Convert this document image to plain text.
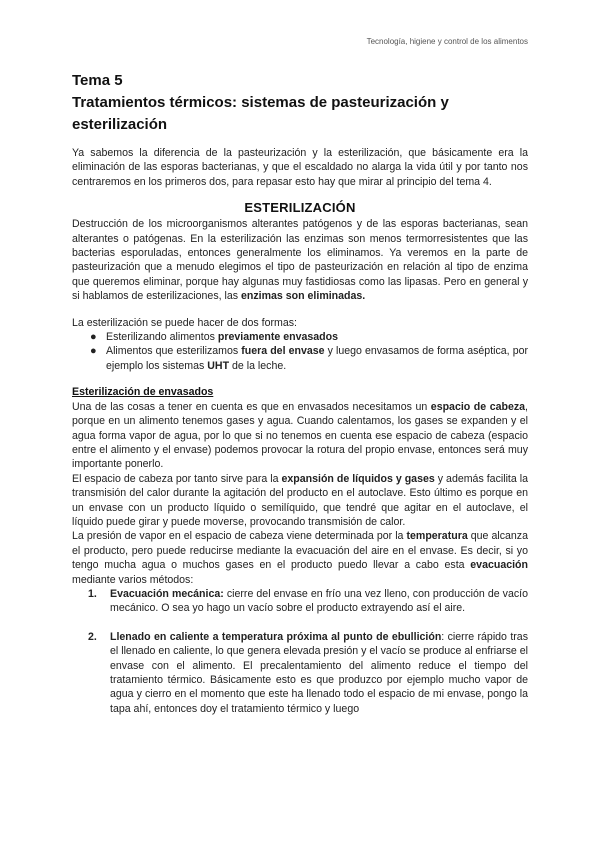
Tecnología, higiene y control de los alimentos
Tema 5
Tratamientos térmicos: sistemas de pasteurización y esterilización

Ya sabemos la diferencia de la pasteurización y la esterilización, que básicamente era la eliminación de las esporas bacterianas, y que el escaldado no alarga la vida útil y por tanto nos centraremos en los primeros dos, para repasar esto hay que mirar al principio del tema 4.

ESTERILIZACIÓN

Destrucción de los microorganismos alterantes patógenos y de las esporas bacterianas, sean alterantes o patógenas. En la esterilización las enzimas son menos termorresistentes que las bacterias esporuladas, entonces generalmente los eliminamos. Ya veremos en la parte de pasteurización que a menudo elegimos el tipo de pasteurización en relación al tipo de enzima que queremos eliminar, porque hay algunas muy fastidiosas como las lipasas. Pero en general y si hablamos de esterilizaciones, las enzimas son eliminadas.

La esterilización se puede hacer de dos formas:

● Esterilizando alimentos previamente envasados
● Alimentos que esterilizamos fuera del envase y luego envasamos de forma aséptica, por ejemplo los sistemas UHT de la leche.
Esterilización de envasados

Una de las cosas a tener en cuenta es que en envasados necesitamos un espacio de cabeza, porque en un alimento tenemos gases y agua. Cuando calentamos, los gases se expanden y el agua forma vapor de agua, por lo que si no tenemos en cuenta ese espacio de cabeza (espacio entre el alimento y el envase) podemos provocar la rotura del propio envase, entonces será muy importante ponerlo.

El espacio de cabeza por tanto sirve para la expansión de líquidos y gases y además facilita la transmisión del calor durante la agitación del producto en el autoclave. Esto último es porque en un envase con un producto líquido o semilíquido, que tendré que agitar en el autoclave, el líquido puede girar y puede moverse, provocando transmisión de calor.

La presión de vapor en el espacio de cabeza viene determinada por la temperatura que alcanza el producto, pero puede reducirse mediante la evacuación del aire en el envase. Es decir, si yo tengo mucha agua o muchos gases en el producto puedo llevar a cabo esta evacuación mediante varios métodos:

1. Evacuación mecánica: cierre del envase en frío una vez lleno, con producción de vacío mecánico. O sea yo hago un vacío sobre el producto extrayendo así el aire.
2. Llenado en caliente a temperatura próxima al punto de ebullición: cierre rápido tras el llenado en caliente, lo que genera elevada presión y el vacío se produce al enfriarse el envase con el alimento. El precalentamiento del alimento reduce el tiempo del tratamiento térmico. Básicamente esto es que produzco por ejemplo mucho vapor de agua y cierro en el momento que este ha llenado todo el espacio de mi envase, pongo la tapa ahí, entonces doy el tratamiento térmico y luego
